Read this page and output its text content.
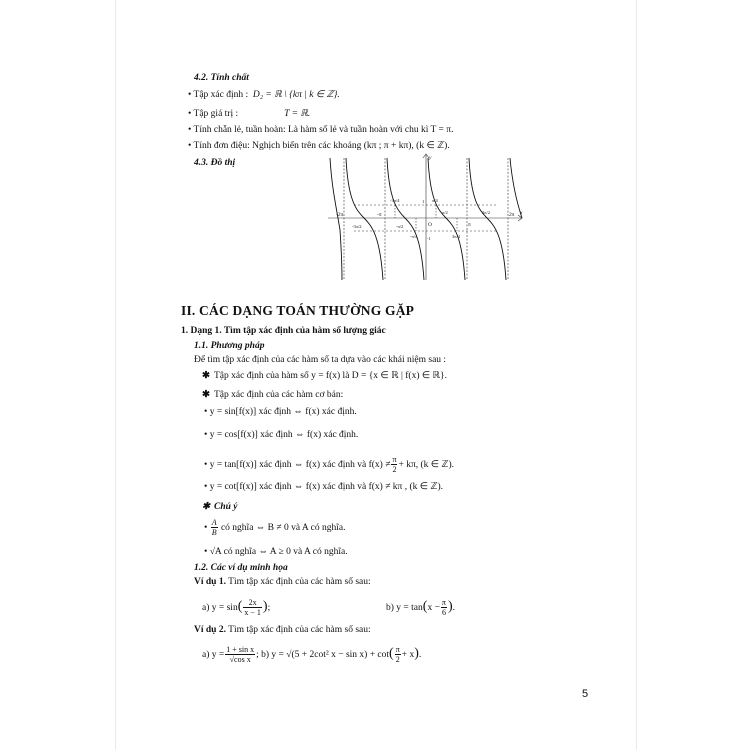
4.2. Tính chất
• Tập xác định : D₂ = ℝ \ {kπ | k ∈ ℤ}.
• Tập giá trị :	T = ℝ.
• Tính chẵn lẻ, tuần hoàn: Là hàm số lẻ và tuần hoàn với chu kì T = π.
• Tính đơn điệu: Nghịch biến trên các khoảng (kπ ; π + kπ), (k ∈ ℤ).
4.3. Đồ thị	y
x
O
-2π	-π
π
2π
-3π/2	-π/2
π/2	3π/2
-π/4
π/4
-3π/4
3π/4
1
-1
II. CÁC DẠNG TOÁN THƯỜNG GẶP
1. Dạng 1. Tìm tập xác định của hàm số lượng giác
1.1. Phương pháp
Để tìm tập xác định của các hàm số ta dựa vào các khái niệm sau :
✱ Tập xác định của hàm số y = f(x) là D = {x ∈ ℝ | f(x) ∈ ℝ}.
✱ Tập xác định của các hàm cơ bản:
• y = sin[f(x)] xác định ⇔ f(x) xác định.
• y = cos[f(x)] xác định ⇔ f(x) xác định.
• y = tan[f(x)] xác định ⇔ f(x) xác định và $f(x) \ne \frac{\pi}{2} + k\pi$, (k ∈ ℤ).
• y = cot[f(x)] xác định ⇔ f(x) xác định và f(x) ≠ kπ , (k ∈ ℤ).
✱ Chú ý
• $\frac{A}{B}$ có nghĩa ⇔ B ≠ 0 và A có nghĩa.
• √A có nghĩa ⇔ A ≥ 0 và A có nghĩa.
1.2. Các ví dụ minh họa
Ví dụ 1. Tìm tập xác định của các hàm số sau:
a) $y = \sin( \frac{2x}{x - 1}$ );	b) $y = \tan(x - \frac{\pi}{6}$ ).
Ví dụ 2. Tìm tập xác định của các hàm số sau:
a) $y = \frac{\text{1 + sin x}}{\text{√cos x}}$ ; b) y = √(5 + 2cot² $x - \sin x) + \cot( \frac{\pi}{2} + x)$.
5
